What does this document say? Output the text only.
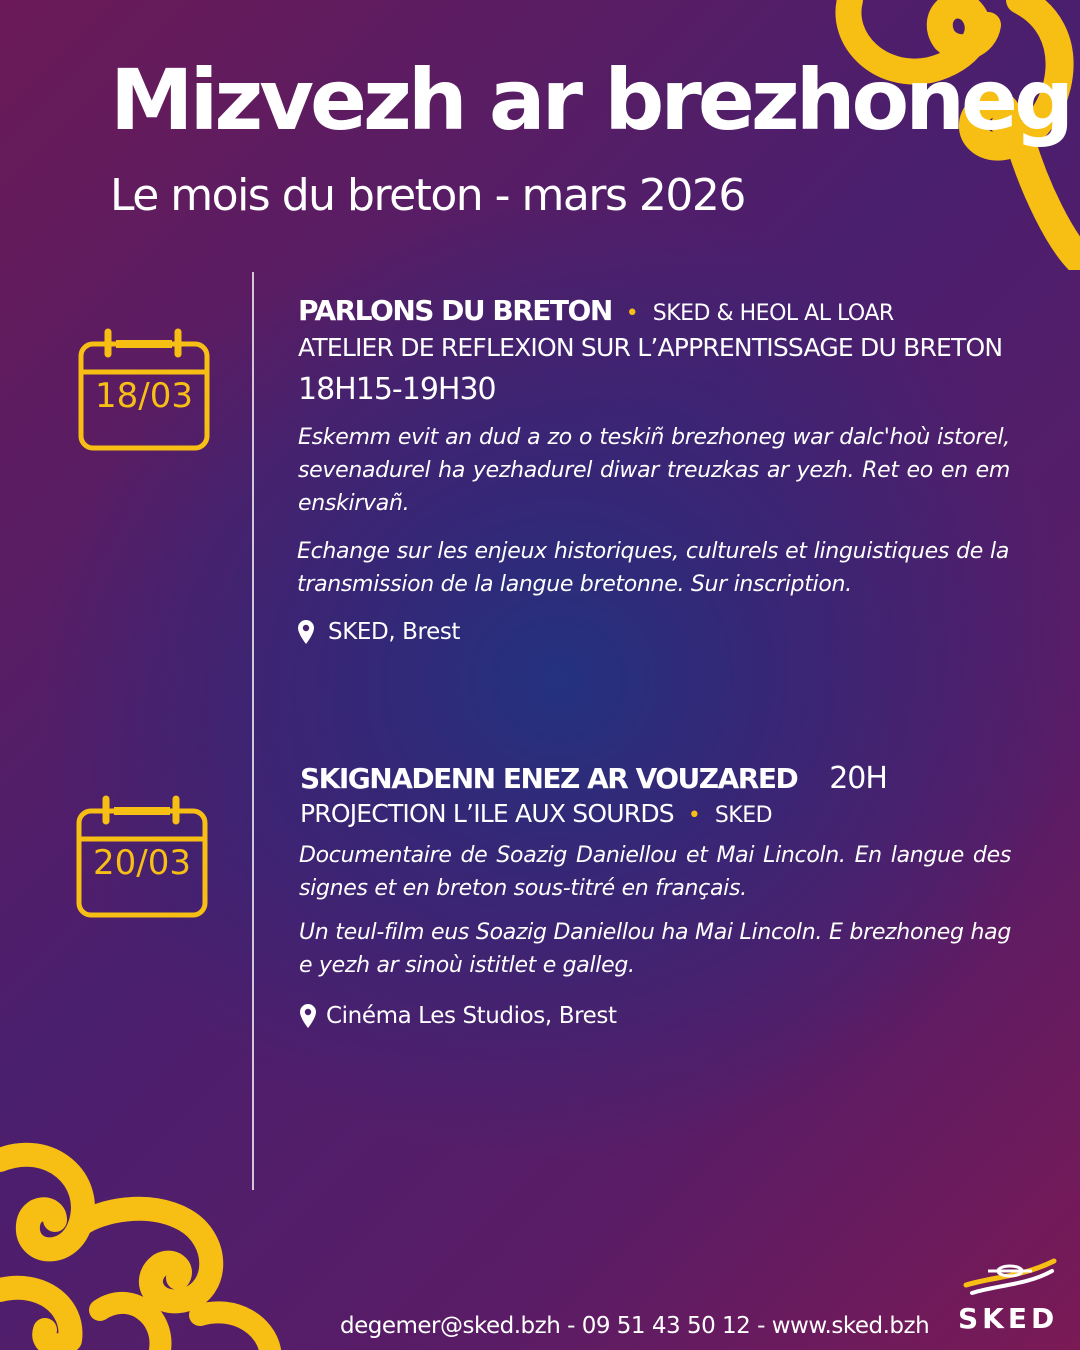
Mizvezh ar brezhoneg
Le mois du breton - mars 2026
18/03
PARLONS DU BRETON • SKED & HEOL AL LOAR
ATELIER DE REFLEXION SUR L’APPRENTISSAGE DU BRETON
18H15-19H30
Eskemm evit an dud a zo o teskiñ brezhoneg war dalc'hoù istorel, sevenadurel ha yezhadurel diwar treuzkas ar yezh. Ret eo en em enskirvañ.
Echange sur les enjeux historiques, culturels et linguistiques de la transmission de la langue bretonne. Sur inscription.
SKED, Brest
20/03
SKIGNADENN ENEZ AR VOUZARED 20H
PROJECTION L’ILE AUX SOURDS • SKED
Documentaire de Soazig Daniellou et Mai Lincoln. En langue des signes et en breton sous-titré en français.
Un teul-film eus Soazig Daniellou ha Mai Lincoln. E brezhoneg hag e yezh ar sinoù istitlet e galleg.
Cinéma Les Studios, Brest
degemer@sked.bzh - 09 51 43 50 12 - www.sked.bzh SKED
